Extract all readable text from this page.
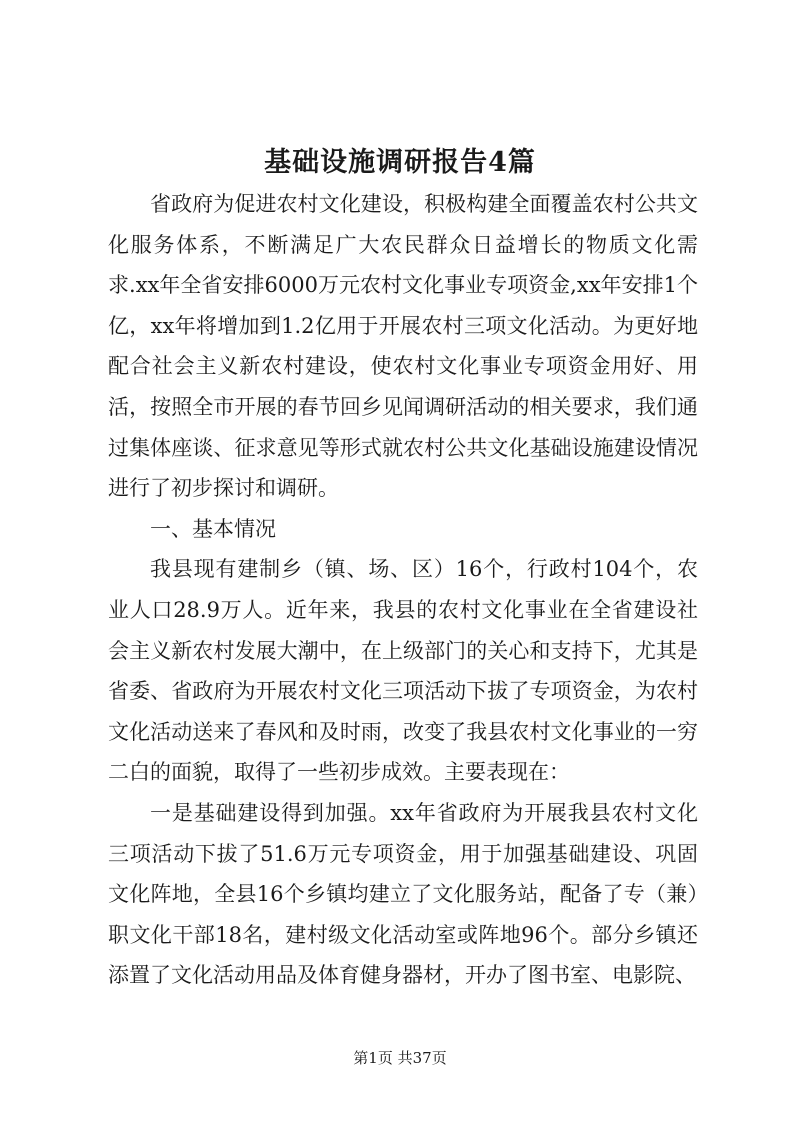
基础设施调研报告4篇

省政府为促进农村文化建设，积极构建全面覆盖农村公共文化服务体系，不断满足广大农民群众日益增长的物质文化需求.xx年全省安排6000万元农村文化事业专项资金,xx年安排1个亿，xx年将增加到1.2亿用于开展农村三项文化活动。为更好地配合社会主义新农村建设，使农村文化事业专项资金用好、用活，按照全市开展的春节回乡见闻调研活动的相关要求，我们通过集体座谈、征求意见等形式就农村公共文化基础设施建设情况进行了初步探讨和调研。

一、基本情况

我县现有建制乡（镇、场、区）16个，行政村104个，农业人口28.9万人。近年来，我县的农村文化事业在全省建设社会主义新农村发展大潮中，在上级部门的关心和支持下，尤其是省委、省政府为开展农村文化三项活动下拔了专项资金，为农村文化活动送来了春风和及时雨，改变了我县农村文化事业的一穷二白的面貌，取得了一些初步成效。主要表现在：

一是基础建设得到加强。xx年省政府为开展我县农村文化三项活动下拔了51.6万元专项资金，用于加强基础建设、巩固文化阵地，全县16个乡镇均建立了文化服务站，配备了专（兼）职文化干部18名，建村级文化活动室或阵地96个。部分乡镇还添置了文化活动用品及体育健身器材，开办了图书室、电影院、

第1页 共37页
